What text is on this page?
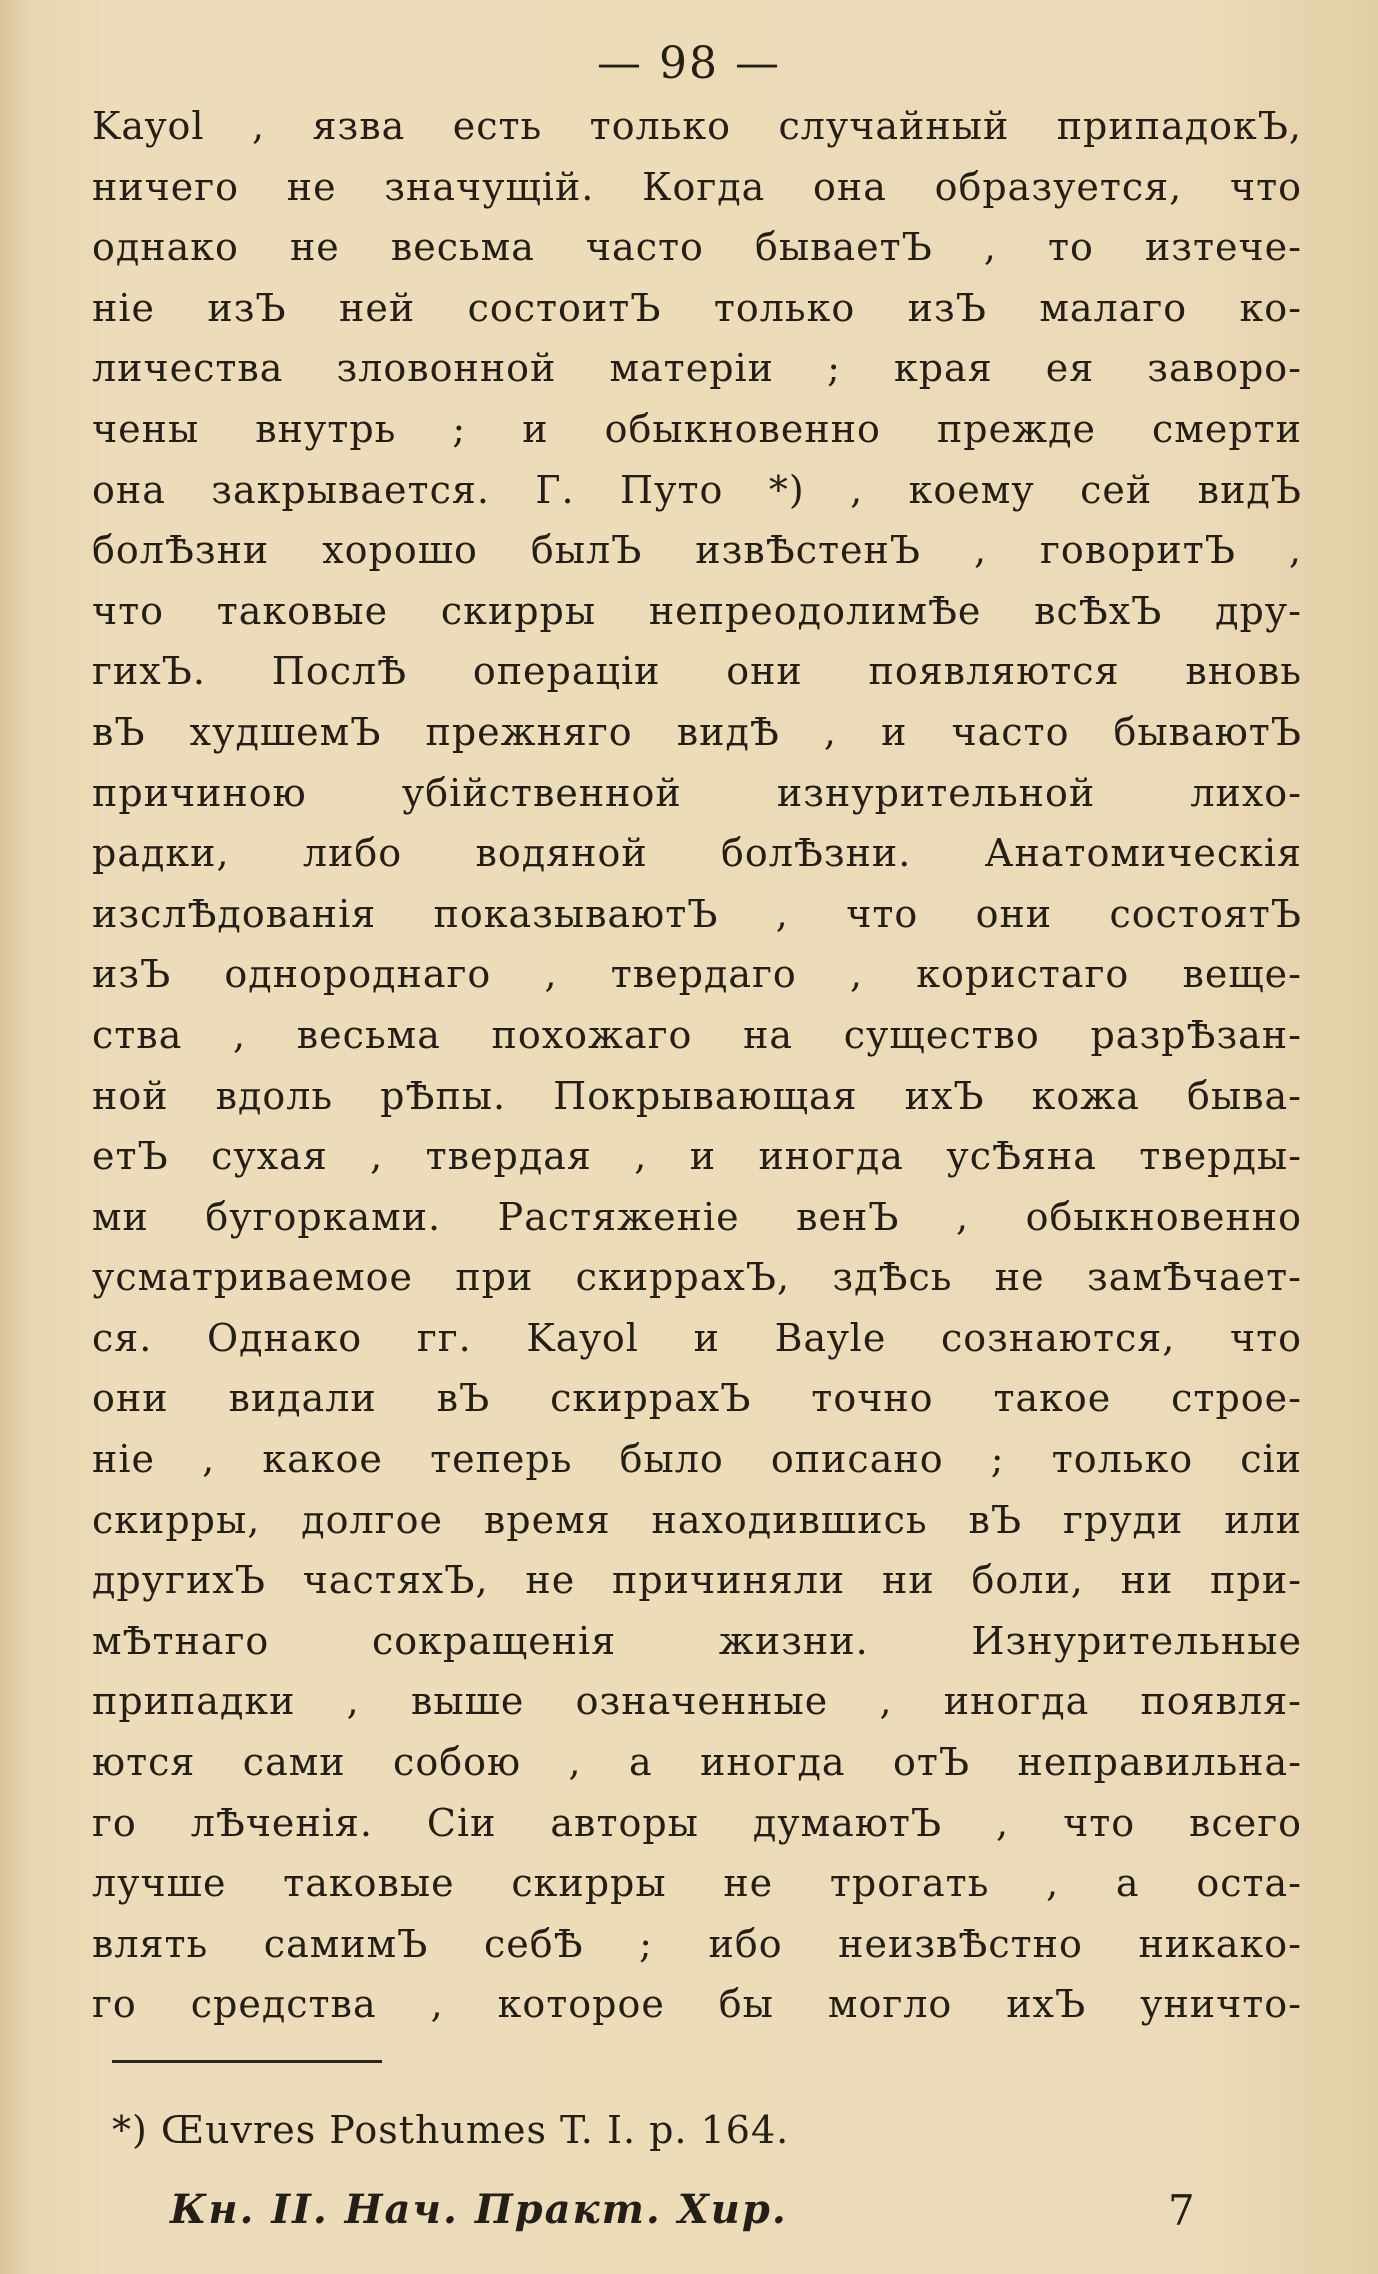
— 98 —
Kayol , язва есть только случайный припадокЪ,
ничего не значущій. Когда она образуется, что
однако не весьма часто бываетЪ , то изтече-
ніе изЪ ней состоитЪ только изЪ малаго ко-
личества зловонной матеріи ; края ея заворо-
чены внутрь ; и обыкновенно прежде смерти
она закрывается. Г. Путо *) , коему сей видЪ
болѢзни хорошо былЪ извѢстенЪ , говоритЪ ,
что таковые скирры непреодолимѢе всѢхЪ дру-
гихЪ. ПослѢ операціи они появляются вновь
вЪ худшемЪ прежняго видѢ , и часто бываютЪ
причиною убійственной изнурительной лихо-
радки, либо водяной болѢзни. Анатомическія
изслѢдованія показываютЪ , что они состоятЪ
изЪ однороднаго , твердаго , користаго веще-
ства , весьма похожаго на существо разрѢзан-
ной вдоль рѢпы. Покрывающая ихЪ кожа быва-
етЪ сухая , твердая , и иногда усѢяна тверды-
ми бугорками. Растяженіе венЪ , обыкновенно
усматриваемое при скиррахЪ, здѢсь не замѢчает-
ся. Однако гг. Kayol и Bayle сознаются, что
они видали вЪ скиррахЪ точно такое строе-
ніе , какое теперь было описано ; только сіи
скирры, долгое время находившись вЪ груди или
другихЪ частяхЪ, не причиняли ни боли, ни при-
мѢтнаго сокращенія жизни. Изнурительные
припадки , выше означенные , иногда появля-
ются сами собою , а иногда отЪ неправильна-
го лѢченія. Сіи авторы думаютЪ , что всего
лучше таковые скирры не трогать , а оста-
влять самимЪ себѢ ; ибо неизвѢстно никако-
го средства , которое бы могло ихЪ уничто-
*) Œuvres Posthumes T. I. p. 164.
Кн. II. Нач. Практ. Хир.	7
